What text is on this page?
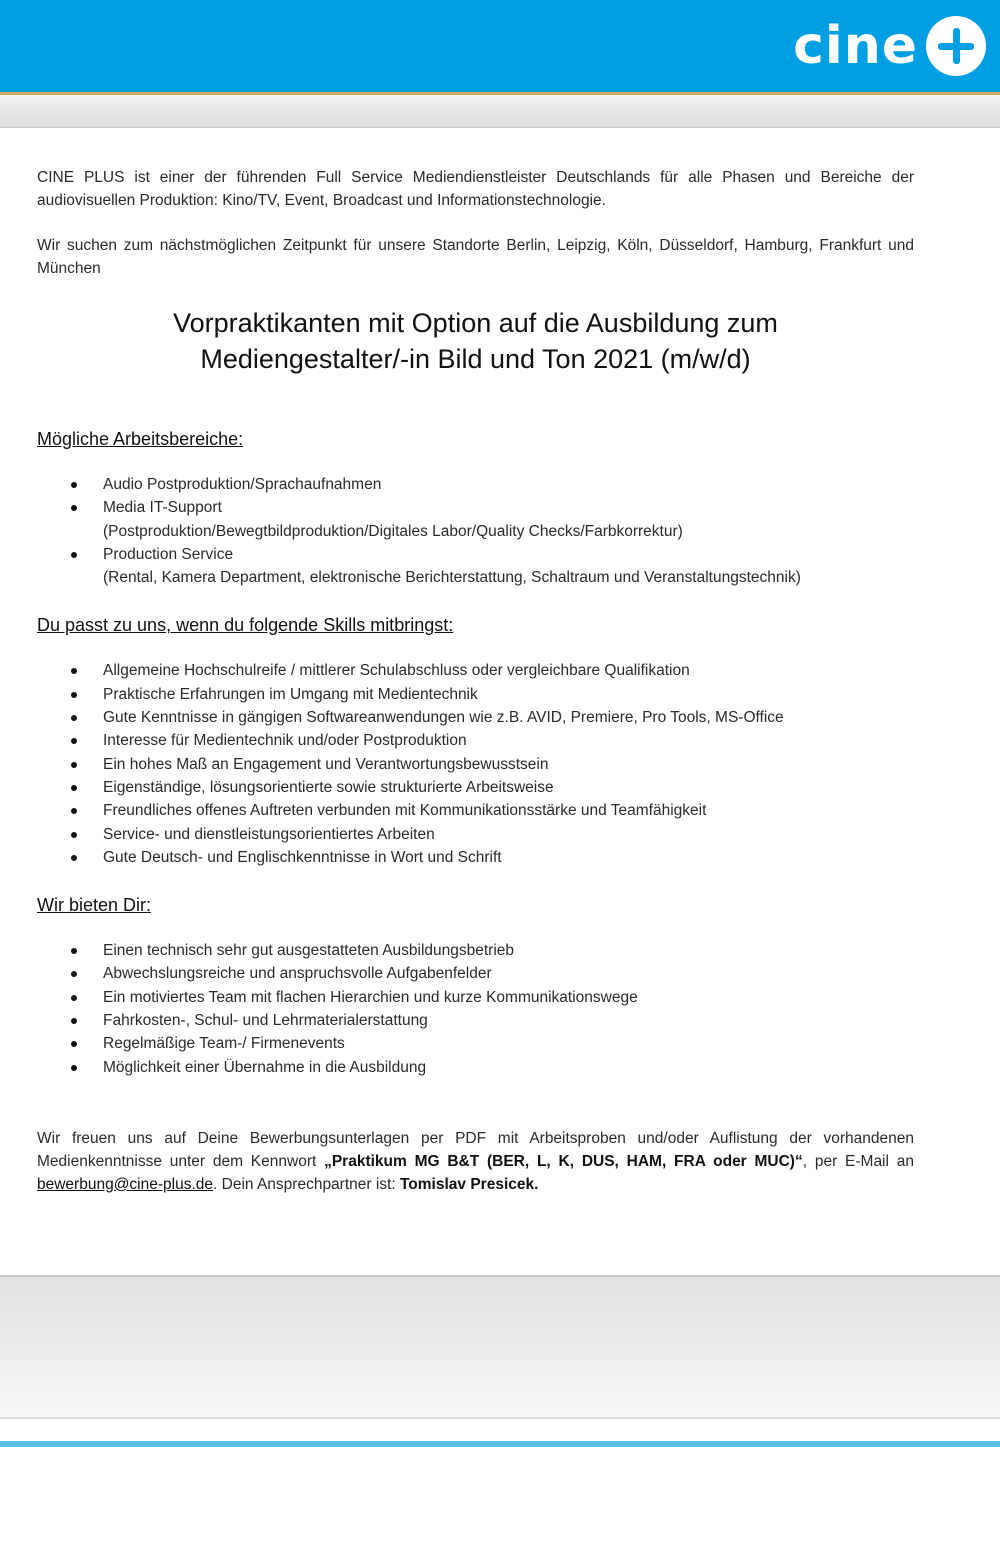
cine

CINE PLUS ist einer der führenden Full Service Mediendienstleister Deutschlands für alle Phasen und Bereiche der audiovisuellen Produktion: Kino/TV, Event, Broadcast und Informationstechnologie.

Wir suchen zum nächstmöglichen Zeitpunkt für unsere Standorte Berlin, Leipzig, Köln, Düsseldorf, Hamburg, Frankfurt und München

Vorpraktikanten mit Option auf die Ausbildung zum
Mediengestalter/-in Bild und Ton 2021 (m/w/d)
Mögliche Arbeitsbereiche:
Audio Postproduktion/Sprachaufnahmen
Media IT-Support
(Postproduktion/Bewegtbildproduktion/Digitales Labor/Quality Checks/Farbkorrektur)
Production Service
(Rental, Kamera Department, elektronische Berichterstattung, Schaltraum und Veranstaltungstechnik)
Du passt zu uns, wenn du folgende Skills mitbringst:
Allgemeine Hochschulreife / mittlerer Schulabschluss oder vergleichbare Qualifikation
Praktische Erfahrungen im Umgang mit Medientechnik
Gute Kenntnisse in gängigen Softwareanwendungen wie z.B. AVID, Premiere, Pro Tools, MS-Office
Interesse für Medientechnik und/oder Postproduktion
Ein hohes Maß an Engagement und Verantwortungsbewusstsein
Eigenständige, lösungsorientierte sowie strukturierte Arbeitsweise
Freundliches offenes Auftreten verbunden mit Kommunikationsstärke und Teamfähigkeit
Service- und dienstleistungsorientiertes Arbeiten
Gute Deutsch- und Englischkenntnisse in Wort und Schrift
Wir bieten Dir:
Einen technisch sehr gut ausgestatteten Ausbildungsbetrieb
Abwechslungsreiche und anspruchsvolle Aufgabenfelder
Ein motiviertes Team mit flachen Hierarchien und kurze Kommunikationswege
Fahrkosten-, Schul- und Lehrmaterialerstattung
Regelmäßige Team-/ Firmenevents
Möglichkeit einer Übernahme in die Ausbildung

Wir freuen uns auf Deine Bewerbungsunterlagen per PDF mit Arbeitsproben und/oder Auflistung der vorhandenen Medienkenntnisse unter dem Kennwort „Praktikum MG B&T (BER, L, K, DUS, HAM, FRA oder MUC)“, per E-Mail an bewerbung@cine-plus.de. Dein Ansprechpartner ist: Tomislav Presicek.
